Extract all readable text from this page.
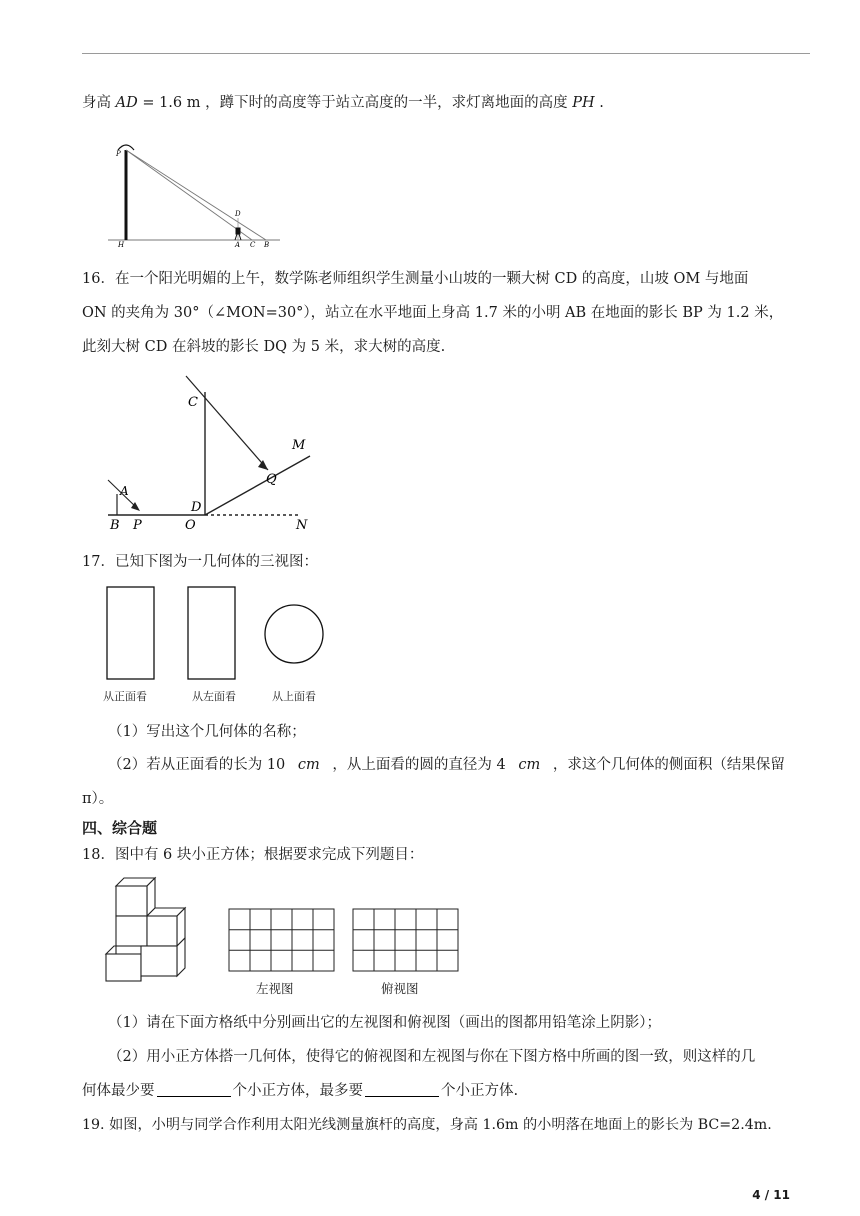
身高 AD = 1.6 m ，蹲下时的高度等于站立高度的一半，求灯离地面的高度 PH .
P
D
H	A C B
16．在一个阳光明媚的上午，数学陈老师组织学生测量小山坡的一颗大树 CD 的高度，山坡 OM 与地面
ON 的夹角为 30°（∠MON=30°），站立在水平地面上身高 1.7 米的小明 AB 在地面的影长 BP 为 1.2 米，
此刻大树 CD 在斜坡的影长 DQ 为 5 米，求大树的高度.
C
M
A
Q
D
B P	O	N
17．已知下图为一几何体的三视图：
从正面看	从左面看	从上面看
（1）写出这个几何体的名称；
（2）若从正面看的长为 10 cm ，从上面看的圆的直径为 4 cm ，求这个几何体的侧面积（结果保留
π）。
四、综合题
18．图中有 6 块小正方体；根据要求完成下列题目：
左视图	俯视图
（1）请在下面方格纸中分别画出它的左视图和俯视图（画出的图都用铅笔涂上阴影）；
（2）用小正方体搭一几何体，使得它的俯视图和左视图与你在下图方格中所画的图一致，则这样的几
何体最少要	个小正方体，最多要	个小正方体.
19. 如图，小明与同学合作利用太阳光线测量旗杆的高度，身高 1.6m 的小明落在地面上的影长为 BC=2.4m.
4 / 11
